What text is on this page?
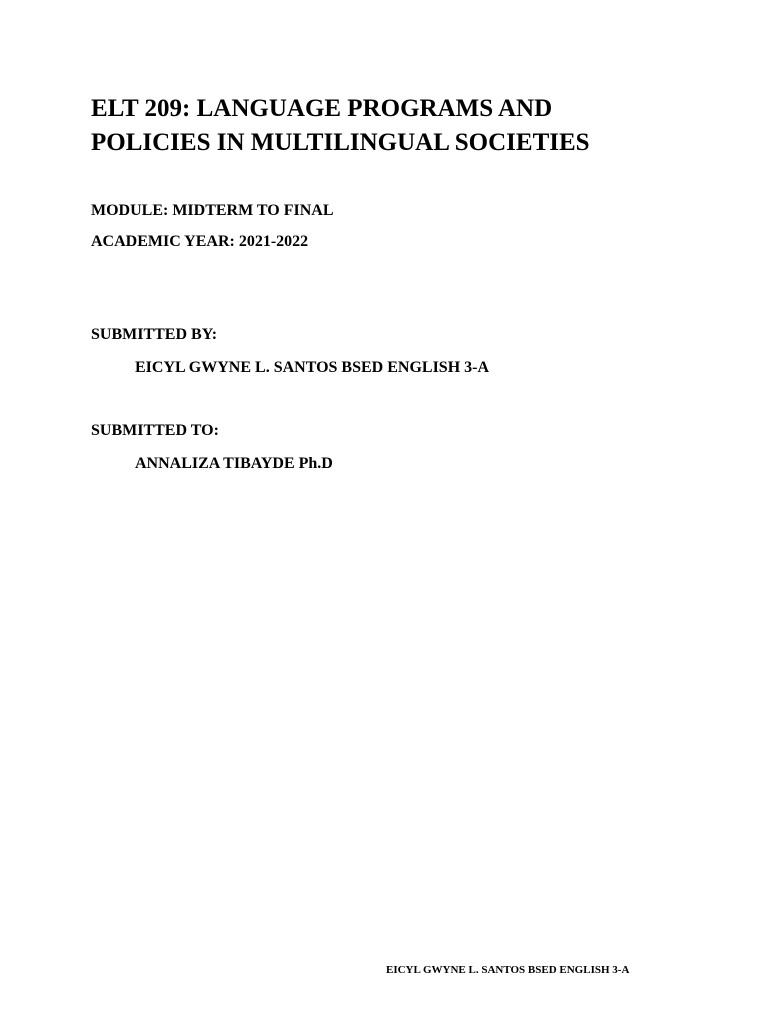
ELT 209: LANGUAGE PROGRAMS AND
POLICIES IN MULTILINGUAL SOCIETIES

MODULE: MIDTERM TO FINAL

ACADEMIC YEAR: 2021-2022

SUBMITTED BY:

EICYL GWYNE L. SANTOS BSED ENGLISH 3-A

SUBMITTED TO:

ANNALIZA TIBAYDE Ph.D

EICYL GWYNE L. SANTOS BSED ENGLISH 3-A
